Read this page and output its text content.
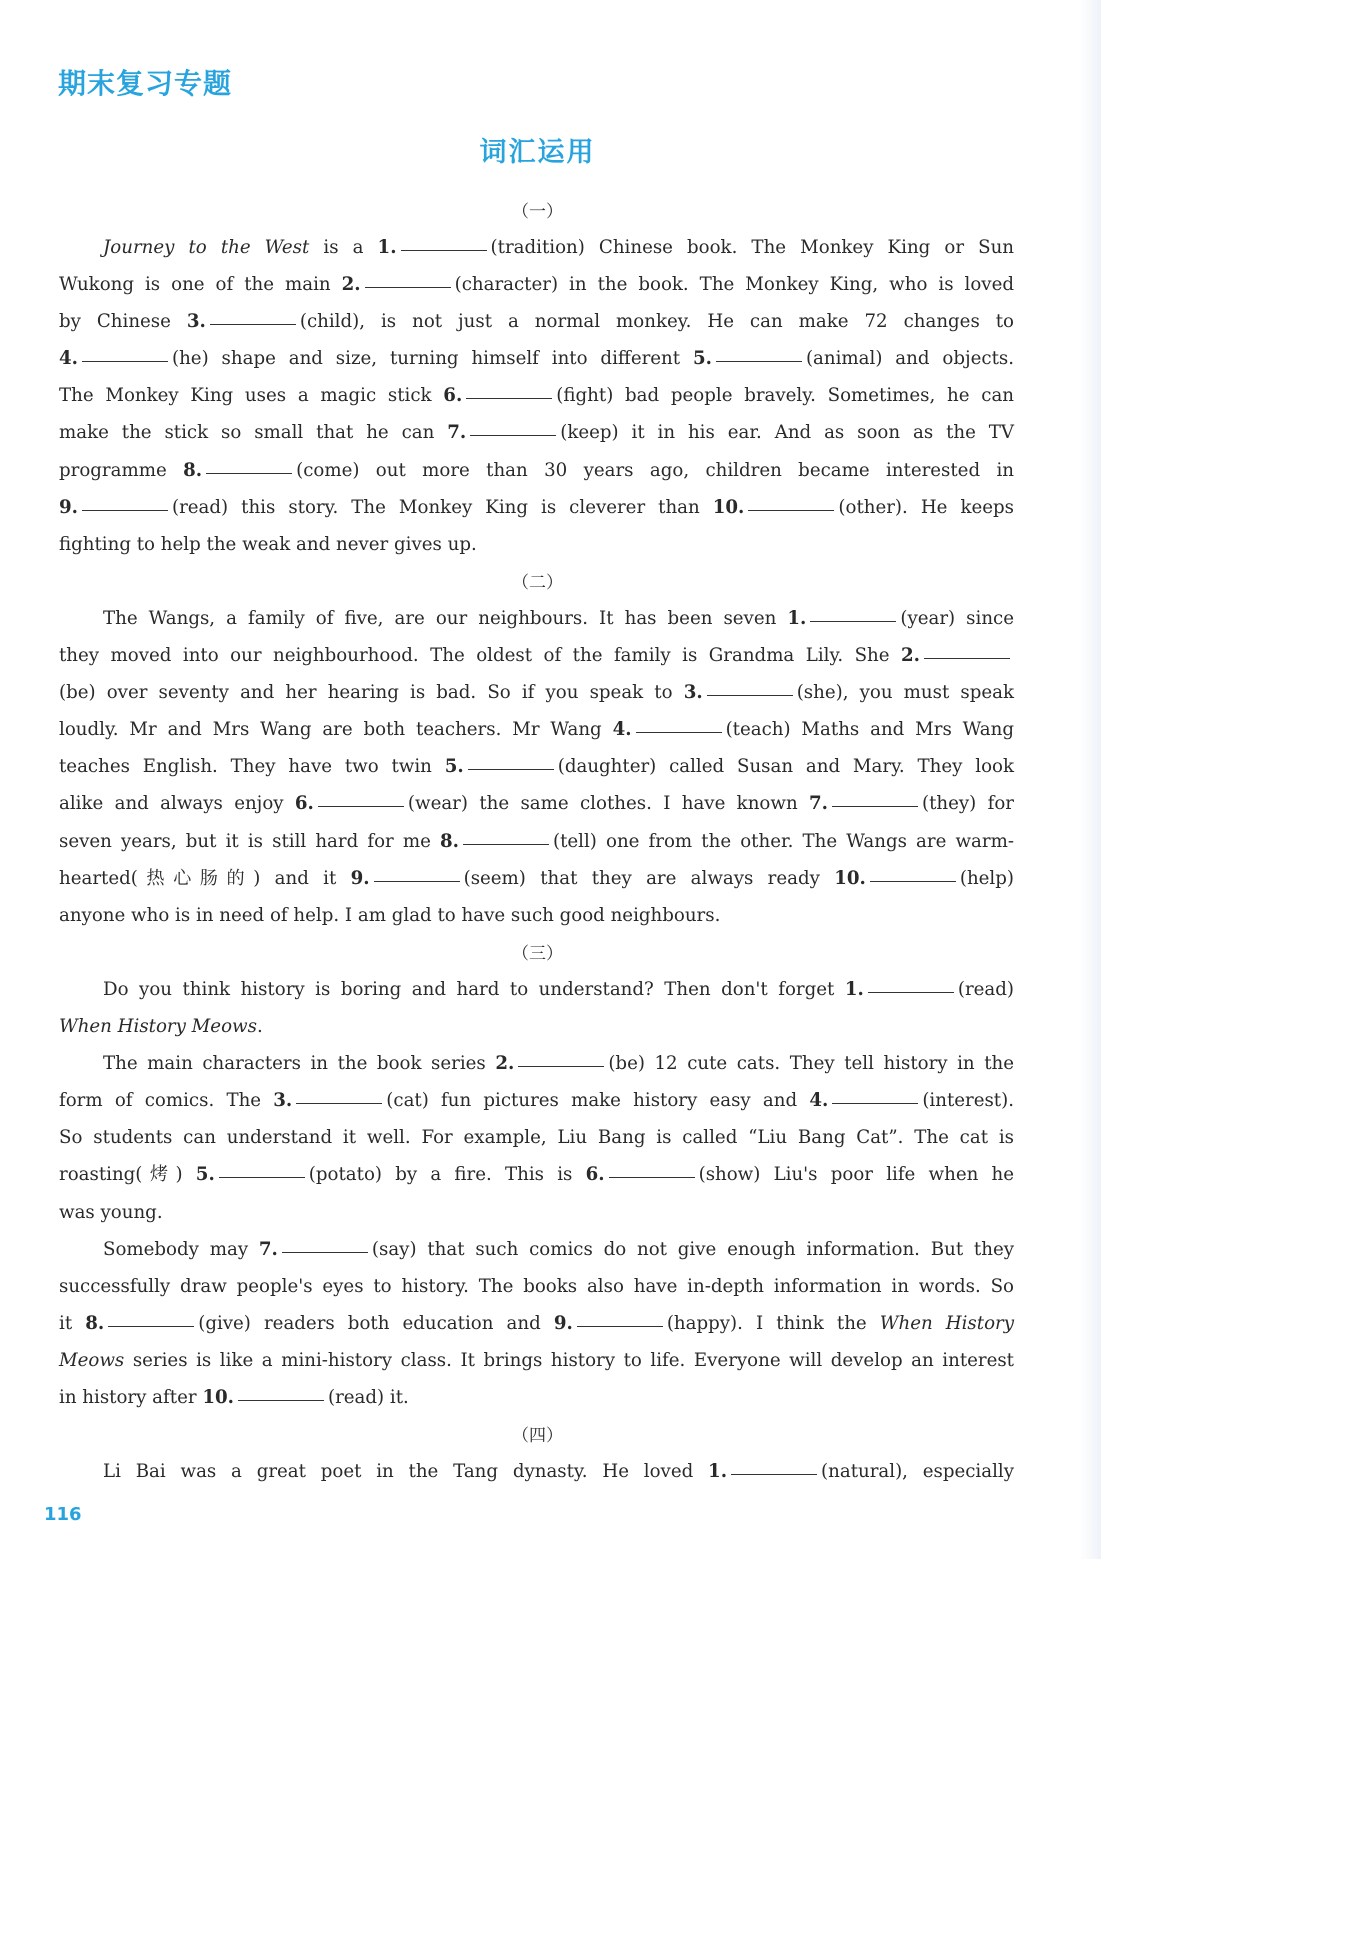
期末复习专题
词汇运用
（一）
Journey to the West is a 1.	(tradition) Chinese book. The Monkey King or Sun
Wukong is one of the main 2.	(character) in the book. The Monkey King, who is loved
by Chinese 3.	(child), is not just a normal monkey. He can make 72 changes to
4.	(he) shape and size, turning himself into different 5.	(animal) and objects.
The Monkey King uses a magic stick 6.	(fight) bad people bravely. Sometimes, he can
make the stick so small that he can 7.	(keep) it in his ear. And as soon as the TV
programme 8.	(come) out more than 30 years ago, children became interested in
9.	(read) this story. The Monkey King is cleverer than 10.	(other). He keeps
fighting to help the weak and never gives up.
（二）
The Wangs, a family of five, are our neighbours. It has been seven 1.	(year) since
they moved into our neighbourhood. The oldest of the family is Grandma Lily. She 2.
(be) over seventy and her hearing is bad. So if you speak to 3.	(she), you must speak
loudly. Mr and Mrs Wang are both teachers. Mr Wang 4.	(teach) Maths and Mrs Wang
teaches English. They have two twin 5.	(daughter) called Susan and Mary. They look
alike and always enjoy 6.	(wear) the same clothes. I have known 7.	(they) for
seven years, but it is still hard for me 8.	(tell) one from the other. The Wangs are warm-
hearted(热心肠的) and it 9.	(seem) that they are always ready 10.	(help)
anyone who is in need of help. I am glad to have such good neighbours.
（三）
Do you think history is boring and hard to understand? Then don't forget 1.	(read)
When History Meows.
The main characters in the book series 2.	(be) 12 cute cats. They tell history in the
form of comics. The 3.	(cat) fun pictures make history easy and 4.	(interest).
So students can understand it well. For example, Liu Bang is called “Liu Bang Cat”. The cat is
roasting(烤) 5.	(potato) by a fire. This is 6.	(show) Liu's poor life when he
was young.
Somebody may 7.	(say) that such comics do not give enough information. But they
successfully draw people's eyes to history. The books also have in-depth information in words. So
it 8.	(give) readers both education and 9.	(happy). I think the When History
Meows series is like a mini-history class. It brings history to life. Everyone will develop an interest
in history after 10.	(read) it.
（四）
Li Bai was a great poet in the Tang dynasty. He loved 1.	(natural), especially
116
